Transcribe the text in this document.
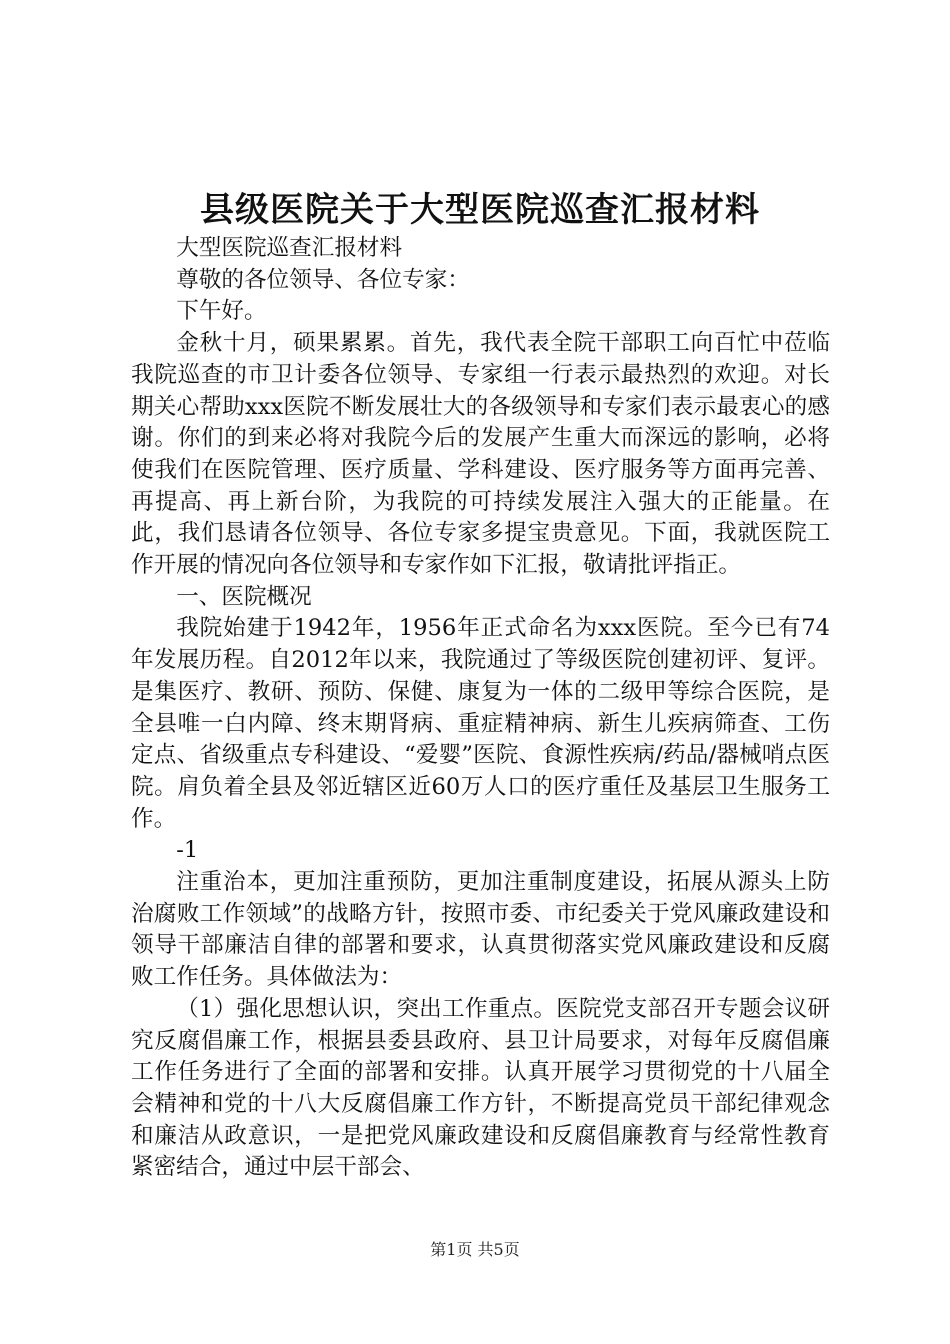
县级医院关于大型医院巡查汇报材料

大型医院巡查汇报材料

尊敬的各位领导、各位专家：

下午好。

金秋十月，硕果累累。首先，我代表全院干部职工向百忙中莅临我院巡查的市卫计委各位领导、专家组一行表示最热烈的欢迎。对长期关心帮助xxx医院不断发展壮大的各级领导和专家们表示最衷心的感谢。你们的到来必将对我院今后的发展产生重大而深远的影响，必将使我们在医院管理、医疗质量、学科建设、医疗服务等方面再完善、再提高、再上新台阶，为我院的可持续发展注入强大的正能量。在此，我们恳请各位领导、各位专家多提宝贵意见。下面，我就医院工作开展的情况向各位领导和专家作如下汇报，敬请批评指正。

一、医院概况

我院始建于1942年，1956年正式命名为xxx医院。至今已有74年发展历程。自2012年以来，我院通过了等级医院创建初评、复评。是集医疗、教研、预防、保健、康复为一体的二级甲等综合医院，是全县唯一白内障、终末期肾病、重症精神病、新生儿疾病筛查、工伤定点、省级重点专科建设、“爱婴”医院、食源性疾病/药品/器械哨点医院。肩负着全县及邻近辖区近60万人口的医疗重任及基层卫生服务工作。

-1

注重治本，更加注重预防，更加注重制度建设，拓展从源头上防治腐败工作领域”的战略方针，按照市委、市纪委关于党风廉政建设和领导干部廉洁自律的部署和要求，认真贯彻落实党风廉政建设和反腐败工作任务。具体做法为：

（1）强化思想认识，突出工作重点。医院党支部召开专题会议研究反腐倡廉工作，根据县委县政府、县卫计局要求，对每年反腐倡廉工作任务进行了全面的部署和安排。认真开展学习贯彻党的十八届全会精神和党的十八大反腐倡廉工作方针，不断提高党员干部纪律观念和廉洁从政意识，一是把党风廉政建设和反腐倡廉教育与经常性教育紧密结合，通过中层干部会、

第1页 共5页
